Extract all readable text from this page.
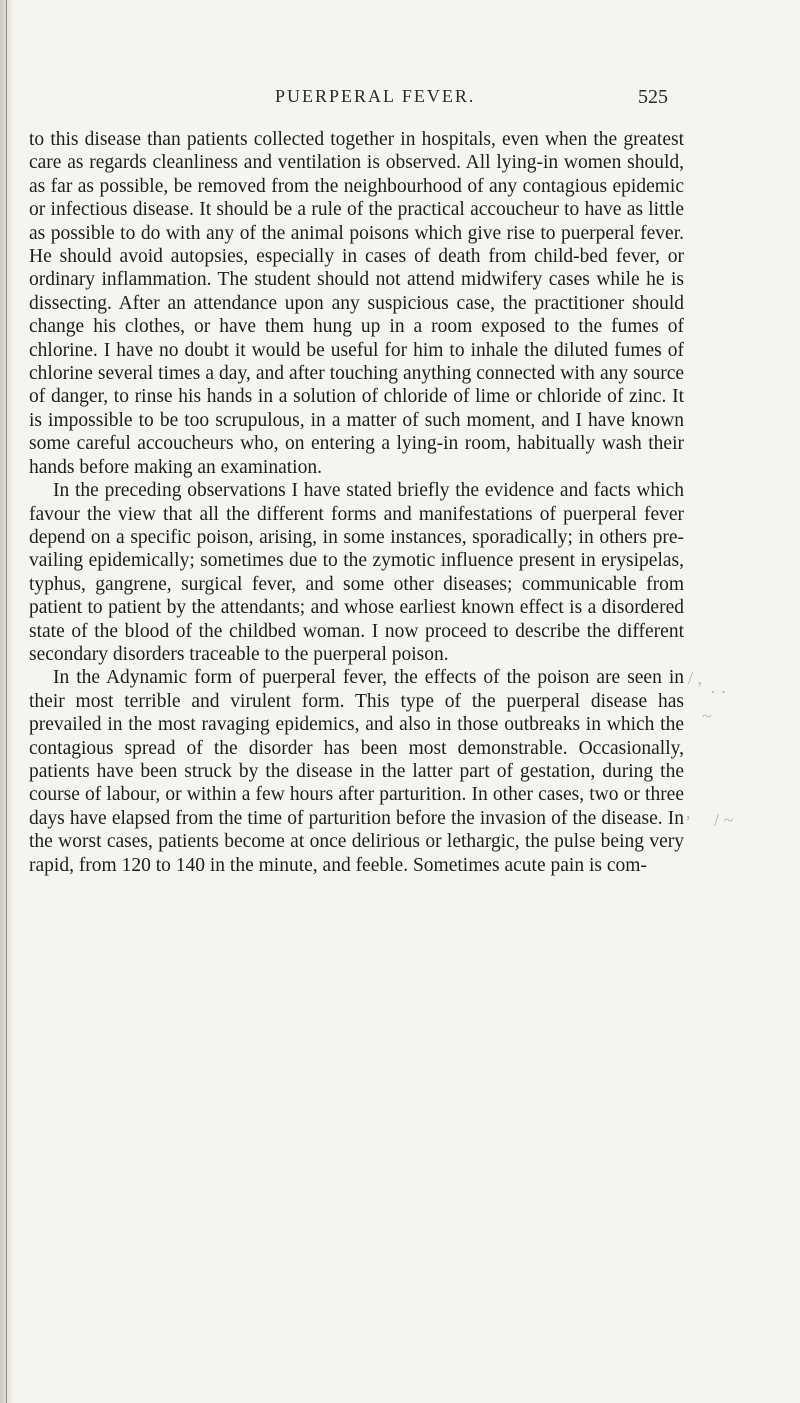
PUERPERAL FEVER.	525

to this disease than patients collected together in hospitals, even when the greatest care as regards cleanliness and ventilation is observed. All lying-in women should, as far as possible, be removed from the neighbourhood of any contagious epidemic or infectious disease. It should be a rule of the practical accoucheur to have as little as possible to do with any of the animal poisons which give rise to puerperal fever. He should avoid autopsies, especially in cases of death from child-bed fever, or ordinary inflammation. The student should not attend midwifery cases while he is dissecting. After an attendance upon any suspicious case, the practitioner should change his clothes, or have them hung up in a room exposed to the fumes of chlorine. I have no doubt it would be useful for him to inhale the diluted fumes of chlorine several times a day, and after touching anything connected with any source of danger, to rinse his hands in a solution of chloride of lime or chloride of zinc. It is impossible to be too scrupulous, in a matter of such moment, and I have known some careful accoucheurs who, on entering a lying-in room, habitually wash their hands before making an examination.

In the preceding observations I have stated briefly the evidence and facts which favour the view that all the different forms and manifestations of puerperal fever depend on a specific poison, arising, in some instances, sporadically; in others prevailing epidemically; sometimes due to the zymotic influence present in erysipelas, typhus, gangrene, surgical fever, and some other diseases; communicable from patient to patient by the attendants; and whose earliest known effect is a disordered state of the blood of the childbed woman. I now proceed to describe the different secondary disorders traceable to the puerperal poison.

In the Adynamic form of puerperal fever, the effects of the poison are seen in their most terrible and virulent form. This type of the puerperal disease has prevailed in the most ravaging epidemics, and also in those outbreaks in which the contagious spread of the disorder has been most demonstrable. Occasionally, patients have been struck by the disease in the latter part of gestation, during the course of labour, or within a few hours after parturition. In other cases, two or three days have elapsed from the time of parturition before the invasion of the disease. In the worst cases, patients become at once delirious or lethargic, the pulse being very rapid, from 120 to 140 in the minute, and feeble. Sometimes acute pain is com-

/ ,
· ·
~
, / ~
